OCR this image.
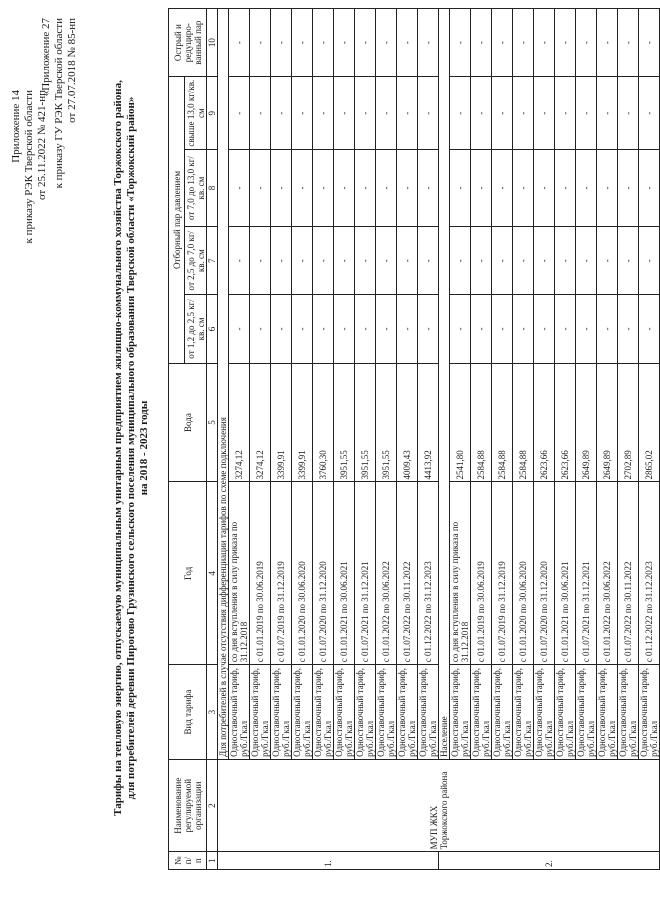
Приложение 14 к приказу РЭК Тверской области от 25.11.2022 № 421-нп
«Приложение 27 к приказу ГУ РЭК Тверской области от 27.07.2018 № 85-нп
Тарифы на тепловую энергию, отпускаемую муниципальным унитарным предприятием жилищно-коммунального хозяйства Торжокского района, для потребителей деревни Пирогово Грузинского сельского поселения муниципального образования Тверской области «Торжокский район» на 2018 - 2023 годы
№ п/ п	Наименование регулируемой организации	Вид тарифа	Год	Вода	Отборный пар давлением				Острый и редуциро-ванный пар
					от 1,2 до 2,5 кг/кв. см	от 2,5 до 7,0 кг/кв. см	от 7,0 до 13,0 кг/кв. см	свыше 13,0 кг/кв. см	
1	2	3	4	5	6	7	8	9	10
1.	МУП ЖКХ Торжокского района	Для потребителей в случае отсутствия дифференциации тарифов по схеме подключения							
		Одноставочный тариф, руб./Гкал	со дня вступления в силу приказа по 31.12.2018	3274,12	-	-	-	-	-
		Одноставочный тариф, руб./Гкал	с 01.01.2019 по 30.06.2019	3274,12	-	-	-	-	-
		Одноставочный тариф, руб./Гкал	с 01.07.2019 по 31.12.2019	3399,91	-	-	-	-	-
		Одноставочный тариф, руб./Гкал	с 01.01.2020 по 30.06.2020	3399,91	-	-	-	-	-
		Одноставочный тариф, руб./Гкал	с 01.07.2020 по 31.12.2020	3760,30	-	-	-	-	-
		Одноставочный тариф, руб./Гкал	с 01.01.2021 по 30.06.2021	3951,55	-	-	-	-	-
		Одноставочный тариф, руб./Гкал	с 01.07.2021 по 31.12.2021	3951,55	-	-	-	-	-
		Одноставочный тариф, руб./Гкал	с 01.01.2022 по 30.06.2022	3951,55	-	-	-	-	-
		Одноставочный тариф, руб./Гкал	с 01.07.2022 по 30.11.2022	4009,43	-	-	-	-	-
		Одноставочный тариф, руб./Гкал	с 01.12.2022 по 31.12.2023	4413,92	-	-	-	-	-
2.		Население							
		Одноставочный тариф, руб./Гкал	со дня вступления в силу приказа по 31.12.2018	2541,80	-	-	-	-	-
		Одноставочный тариф, руб./Гкал	с 01.01.2019 по 30.06.2019	2584,88	-	-	-	-	-
		Одноставочный тариф, руб./Гкал	с 01.07.2019 по 31.12.2019	2584,88	-	-	-	-	-
		Одноставочный тариф, руб./Гкал	с 01.01.2020 по 30.06.2020	2584,88	-	-	-	-	-
		Одноставочный тариф, руб./Гкал	с 01.07.2020 по 31.12.2020	2623,66	-	-	-	-	-
		Одноставочный тариф, руб./Гкал	с 01.01.2021 по 30.06.2021	2623,66	-	-	-	-	-
		Одноставочный тариф, руб./Гкал	с 01.07.2021 по 31.12.2021	2649,89	-	-	-	-	-
		Одноставочный тариф, руб./Гкал	с 01.01.2022 по 30.06.2022	2649,89	-	-	-	-	-
		Одноставочный тариф, руб./Гкал	с 01.07.2022 по 30.11.2022	2702,89	-	-	-	-	-
		Одноставочный тариф, руб./Гкал	с 01.12.2022 по 31.12.2023	2865,02	-	-	-	-	-
